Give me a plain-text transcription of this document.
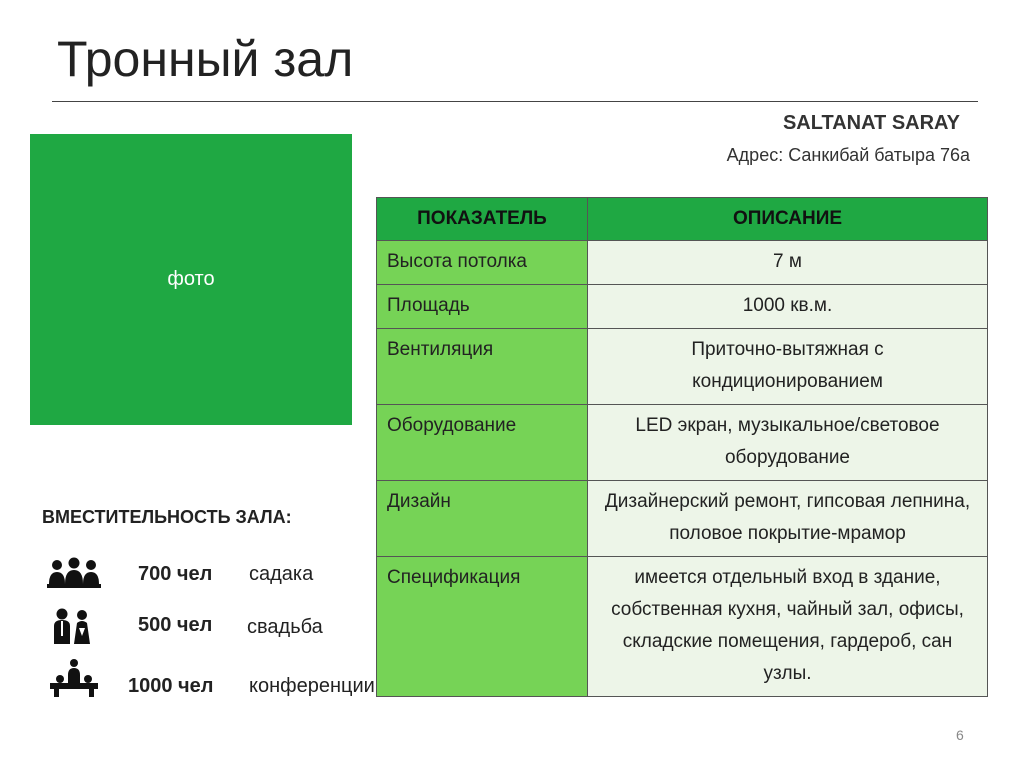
Тронный зал
фото
SALTANAT SARAY
Адрес: Санкибай батыра 76а
ВМЕСТИТЕЛЬНОСТЬ ЗАЛА:
700 чел садака
500 чел свадьба
1000 чел конференции
ПОКАЗАТЕЛЬ	ОПИСАНИЕ
Высота потолка	7 м
Площадь	1000 кв.м.
Вентиляция	Приточно-вытяжная с кондиционированием
Оборудование	LED экран, музыкальное/световое оборудование
Дизайн	Дизайнерский ремонт, гипсовая лепнина, половое покрытие-мрамор
Спецификация	имеется отдельный вход в здание, собственная кухня, чайный зал, офисы, складские помещения, гардероб, сан узлы.
6
